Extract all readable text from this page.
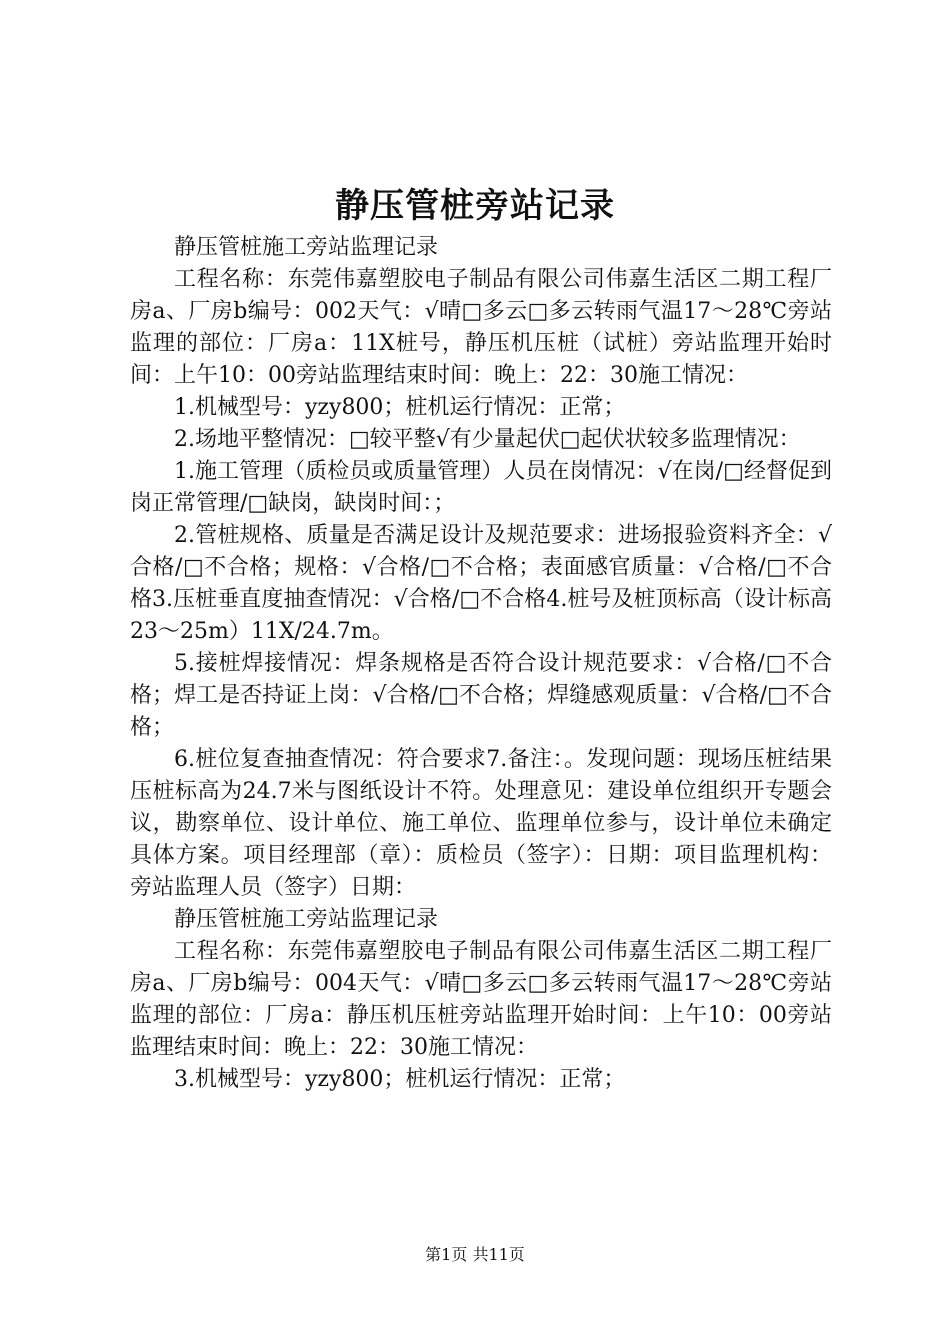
静压管桩旁站记录

静压管桩施工旁站监理记录

工程名称：东莞伟嘉塑胶电子制品有限公司伟嘉生活区二期工程厂房a、厂房b编号：002天气：√晴□多云□多云转雨气温17～28℃旁站监理的部位：厂房a：11X桩号，静压机压桩（试桩）旁站监理开始时间：上午10：00旁站监理结束时间：晚上：22：30施工情况：

1.机械型号：yzy800；桩机运行情况：正常；

2.场地平整情况：□较平整√有少量起伏□起伏状较多监理情况：

1.施工管理（质检员或质量管理）人员在岗情况：√在岗/□经督促到岗正常管理/□缺岗，缺岗时间：；

2.管桩规格、质量是否满足设计及规范要求：进场报验资料齐全：√合格/□不合格；规格：√合格/□不合格；表面感官质量：√合格/□不合格3.压桩垂直度抽查情况：√合格/□不合格4.桩号及桩顶标高（设计标高23～25m）11X/24.7m。

5.接桩焊接情况：焊条规格是否符合设计规范要求：√合格/□不合格；焊工是否持证上岗：√合格/□不合格；焊缝感观质量：√合格/□不合格；

6.桩位复查抽查情况：符合要求7.备注：。发现问题：现场压桩结果压桩标高为24.7米与图纸设计不符。处理意见：建设单位组织开专题会议，勘察单位、设计单位、施工单位、监理单位参与，设计单位未确定具体方案。项目经理部（章）：质检员（签字）：日期：项目监理机构：旁站监理人员（签字）日期：

静压管桩施工旁站监理记录

工程名称：东莞伟嘉塑胶电子制品有限公司伟嘉生活区二期工程厂房a、厂房b编号：004天气：√晴□多云□多云转雨气温17～28℃旁站监理的部位：厂房a：静压机压桩旁站监理开始时间：上午10：00旁站监理结束时间：晚上：22：30施工情况：

3.机械型号：yzy800；桩机运行情况：正常；

第1页 共11页
